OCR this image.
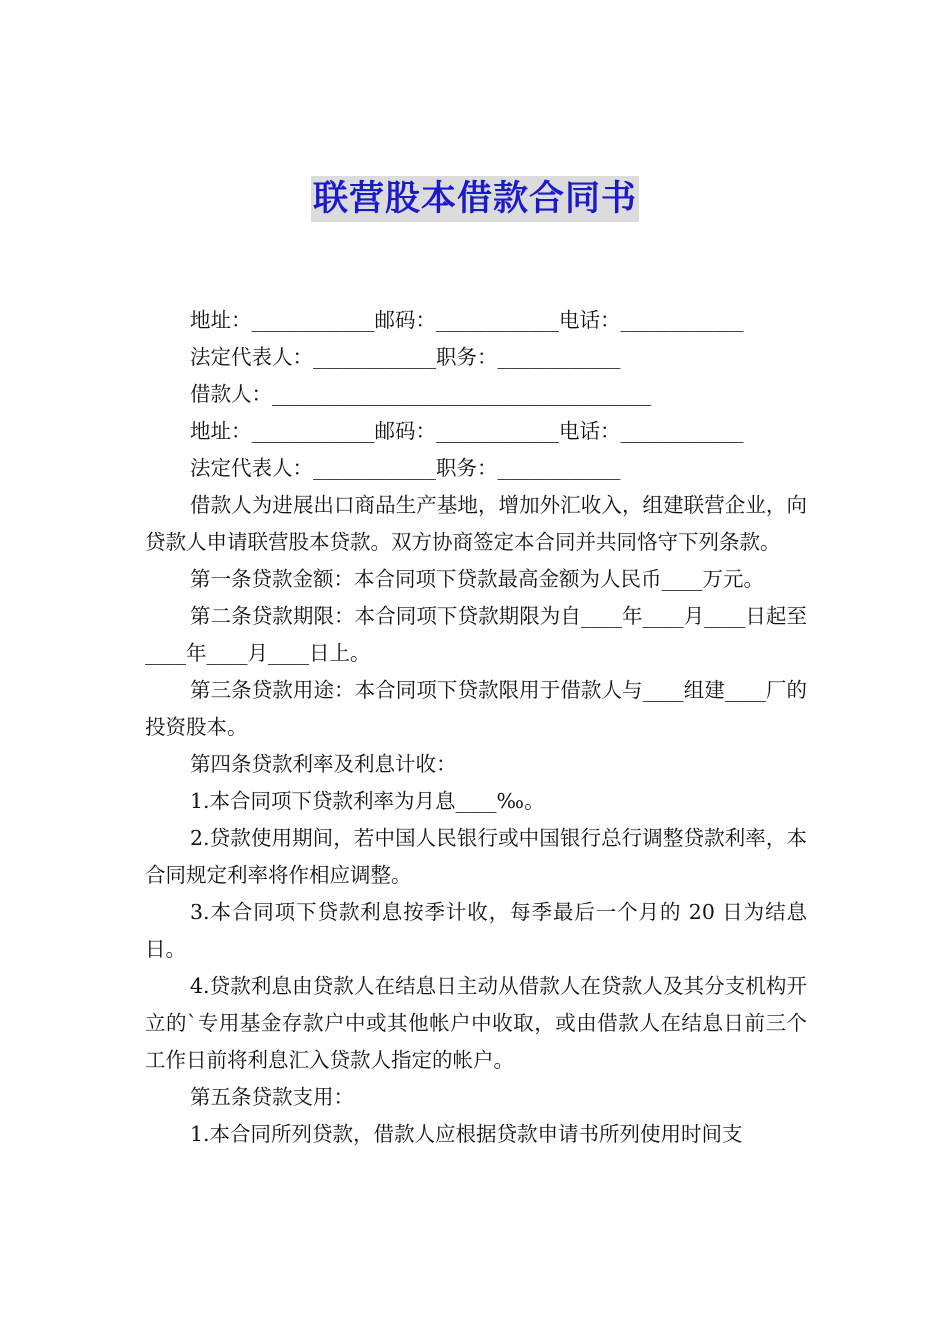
联营股本借款合同书

地址：____________邮码：____________电话：____________

法定代表人：____________职务：____________

借款人：_____________________________________

地址：____________邮码：____________电话：____________

法定代表人：____________职务：____________

借款人为进展出口商品生产基地，增加外汇收入，组建联营企业，向贷款人申请联营股本贷款。双方协商签定本合同并共同恪守下列条款。

第一条贷款金额：本合同项下贷款最高金额为人民币____万元。

第二条贷款期限：本合同项下贷款期限为自____年____月____日起至____年____月____日上。

第三条贷款用途：本合同项下贷款限用于借款人与____组建____厂的投资股本。

第四条贷款利率及利息计收：

1.本合同项下贷款利率为月息____‰。

2.贷款使用期间，若中国人民银行或中国银行总行调整贷款利率，本合同规定利率将作相应调整。

3.本合同项下贷款利息按季计收，每季最后一个月的 20 日为结息日。

4.贷款利息由贷款人在结息日主动从借款人在贷款人及其分支机构开立的`专用基金存款户中或其他帐户中收取，或由借款人在结息日前三个工作日前将利息汇入贷款人指定的帐户。

第五条贷款支用：

1.本合同所列贷款，借款人应根据贷款申请书所列使用时间支
